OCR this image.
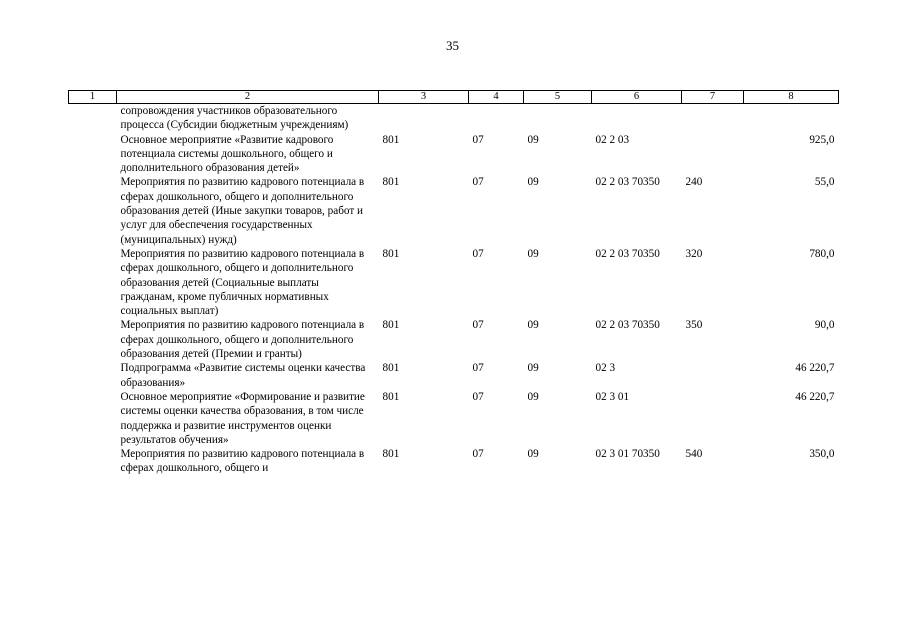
35
1	2	3	4	5	6	7	8
	сопровождения участников образовательного процесса (Субсидии бюджетным учреждениям)						
	Основное мероприятие «Развитие кадрового потенциала системы дошкольного, общего и дополнительного образования детей»	801	07	09	02 2 03		925,0
	Мероприятия по развитию кадрового потенциала в сферах дошкольного, общего и дополнительного образования детей (Иные закупки товаров, работ и услуг для обеспечения государственных (муниципальных) нужд)	801	07	09	02 2 03 70350	240	55,0
	Мероприятия по развитию кадрового потенциала в сферах дошкольного, общего и дополнительного образования детей (Социальные выплаты гражданам, кроме публичных нормативных социальных выплат)	801	07	09	02 2 03 70350	320	780,0
	Мероприятия по развитию кадрового потенциала в сферах дошкольного, общего и дополнительного образования детей (Премии и гранты)	801	07	09	02 2 03 70350	350	90,0
	Подпрограмма «Развитие системы оценки качества образования»	801	07	09	02 3		46 220,7
	Основное мероприятие «Формирование и развитие системы оценки качества образования, в том числе поддержка и развитие инструментов оценки результатов обучения»	801	07	09	02 3 01		46 220,7
	Мероприятия по развитию кадрового потенциала в сферах дошкольного, общего и	801	07	09	02 3 01 70350	540	350,0
